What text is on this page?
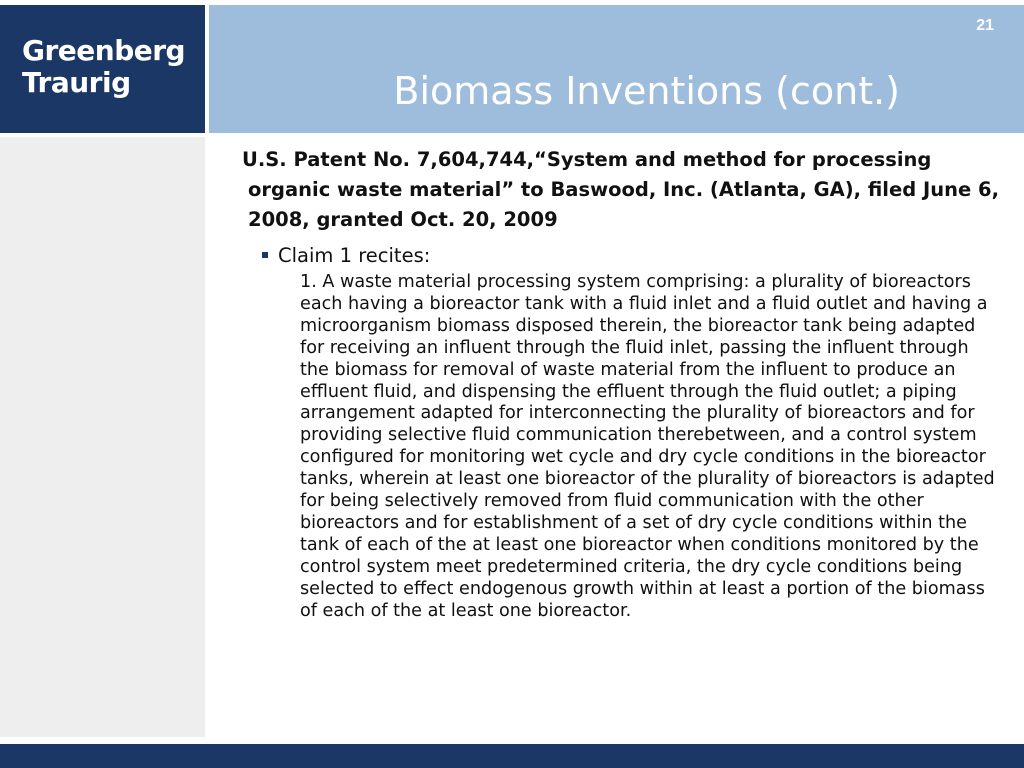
Greenberg
Traurig
21
Biomass Inventions (cont.)

U.S. Patent No. 7,604,744,“System and method for processing organic waste material” to Baswood, Inc. (Atlanta, GA), filed June 6, 2008, granted Oct. 20, 2009

Claim 1 recites:

1. A waste material processing system comprising: a plurality of bioreactors each having a bioreactor tank with a fluid inlet and a fluid outlet and having a microorganism biomass disposed therein, the bioreactor tank being adapted for receiving an influent through the fluid inlet, passing the influent through the biomass for removal of waste material from the influent to produce an effluent fluid, and dispensing the effluent through the fluid outlet; a piping arrangement adapted for interconnecting the plurality of bioreactors and for providing selective fluid communication therebetween, and a control system configured for monitoring wet cycle and dry cycle conditions in the bioreactor tanks, wherein at least one bioreactor of the plurality of bioreactors is adapted for being selectively removed from fluid communication with the other bioreactors and for establishment of a set of dry cycle conditions within the tank of each of the at least one bioreactor when conditions monitored by the control system meet predetermined criteria, the dry cycle conditions being selected to effect endogenous growth within at least a portion of the biomass of each of the at least one bioreactor.
